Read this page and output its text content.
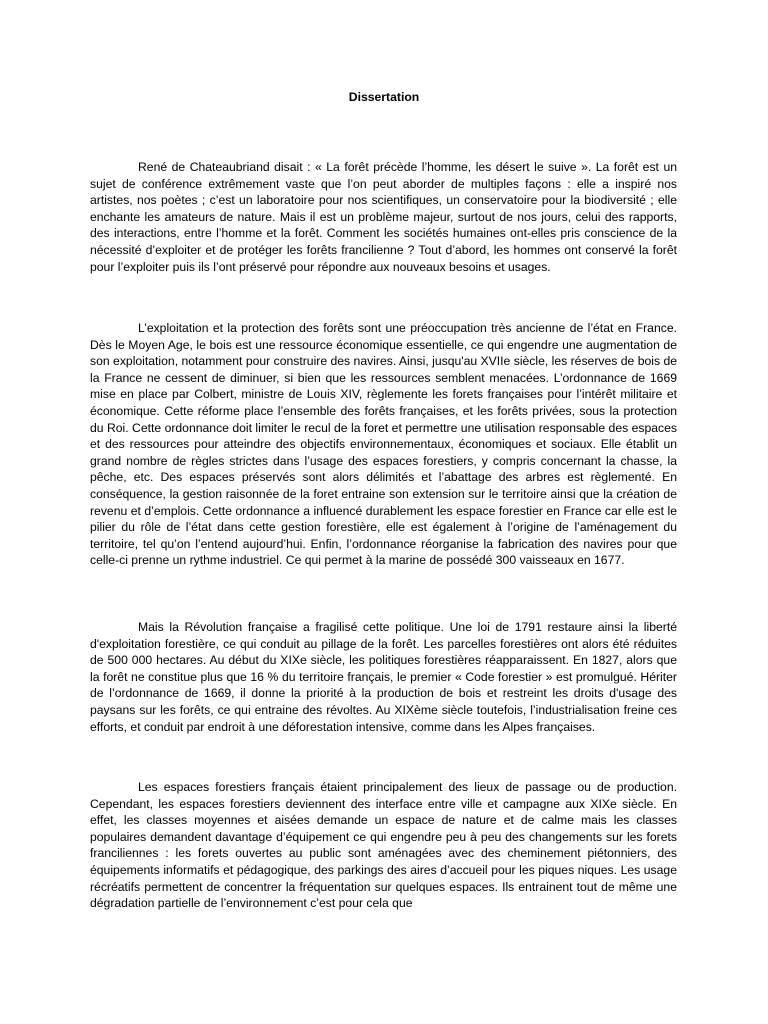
Dissertation

René de Chateaubriand disait : « La forêt précède l’homme, les désert le suive ». La forêt est un sujet de conférence extrêmement vaste que l’on peut aborder de multiples façons : elle a inspiré nos artistes, nos poètes ; c’est un laboratoire pour nos scientifiques, un conservatoire pour la biodiversité ; elle enchante les amateurs de nature. Mais il est un problème majeur, surtout de nos jours, celui des rapports, des interactions, entre l’homme et la forêt. Comment les sociétés humaines ont-elles pris conscience de la nécessité d’exploiter et de protéger les forêts francilienne ? Tout d’abord, les hommes ont conservé la forêt pour l’exploiter puis ils l’ont préservé pour répondre aux nouveaux besoins et usages.

L’exploitation et la protection des forêts sont une préoccupation très ancienne de l’état en France. Dès le Moyen Age, le bois est une ressource économique essentielle, ce qui engendre une augmentation de son exploitation, notamment pour construire des navires. Ainsi, jusqu'au XVIIe siècle, les réserves de bois de la France ne cessent de diminuer, si bien que les ressources semblent menacées. L’ordonnance de 1669 mise en place par Colbert, ministre de Louis XIV, règlemente les forets françaises pour l’intérêt militaire et économique. Cette réforme place l’ensemble des forêts françaises, et les forêts privées, sous la protection du Roi. Cette ordonnance doit limiter le recul de la foret et permettre une utilisation responsable des espaces et des ressources pour atteindre des objectifs environnementaux, économiques et sociaux. Elle établit un grand nombre de règles strictes dans l’usage des espaces forestiers, y compris concernant la chasse, la pêche, etc. Des espaces préservés sont alors délimités et l’abattage des arbres est règlementé. En conséquence, la gestion raisonnée de la foret entraine son extension sur le territoire ainsi que la création de revenu et d’emplois. Cette ordonnance a influencé durablement les espace forestier en France car elle est le pilier du rôle de l’état dans cette gestion forestière, elle est également à l’origine de l’aménagement du territoire, tel qu’on l’entend aujourd’hui. Enfin, l’ordonnance réorganise la fabrication des navires pour que celle-ci prenne un rythme industriel. Ce qui permet à la marine de possédé 300 vaisseaux en 1677.

Mais la Révolution française a fragilisé cette politique. Une loi de 1791 restaure ainsi la liberté d'exploitation forestière, ce qui conduit au pillage de la forêt. Les parcelles forestières ont alors été réduites de 500 000 hectares. Au début du XIXe siècle, les politiques forestières réapparaissent. En 1827, alors que la forêt ne constitue plus que 16 % du territoire français, le premier « Code forestier » est promulgué. Hériter de l’ordonnance de 1669, il donne la priorité à la production de bois et restreint les droits d'usage des paysans sur les forêts, ce qui entraine des révoltes. Au XIXème siècle toutefois, l’industrialisation freine ces efforts, et conduit par endroit à une déforestation intensive, comme dans les Alpes françaises.

Les espaces forestiers français étaient principalement des lieux de passage ou de production. Cependant, les espaces forestiers deviennent des interface entre ville et campagne aux XIXe siècle. En effet, les classes moyennes et aisées demande un espace de nature et de calme mais les classes populaires demandent davantage d’équipement ce qui engendre peu à peu des changements sur les forets franciliennes : les forets ouvertes au public sont aménagées avec des cheminement piétonniers, des équipements informatifs et pédagogique, des parkings des aires d’accueil pour les piques niques. Les usage récréatifs permettent de concentrer la fréquentation sur quelques espaces. Ils entrainent tout de même une dégradation partielle de l’environnement c’est pour cela que
